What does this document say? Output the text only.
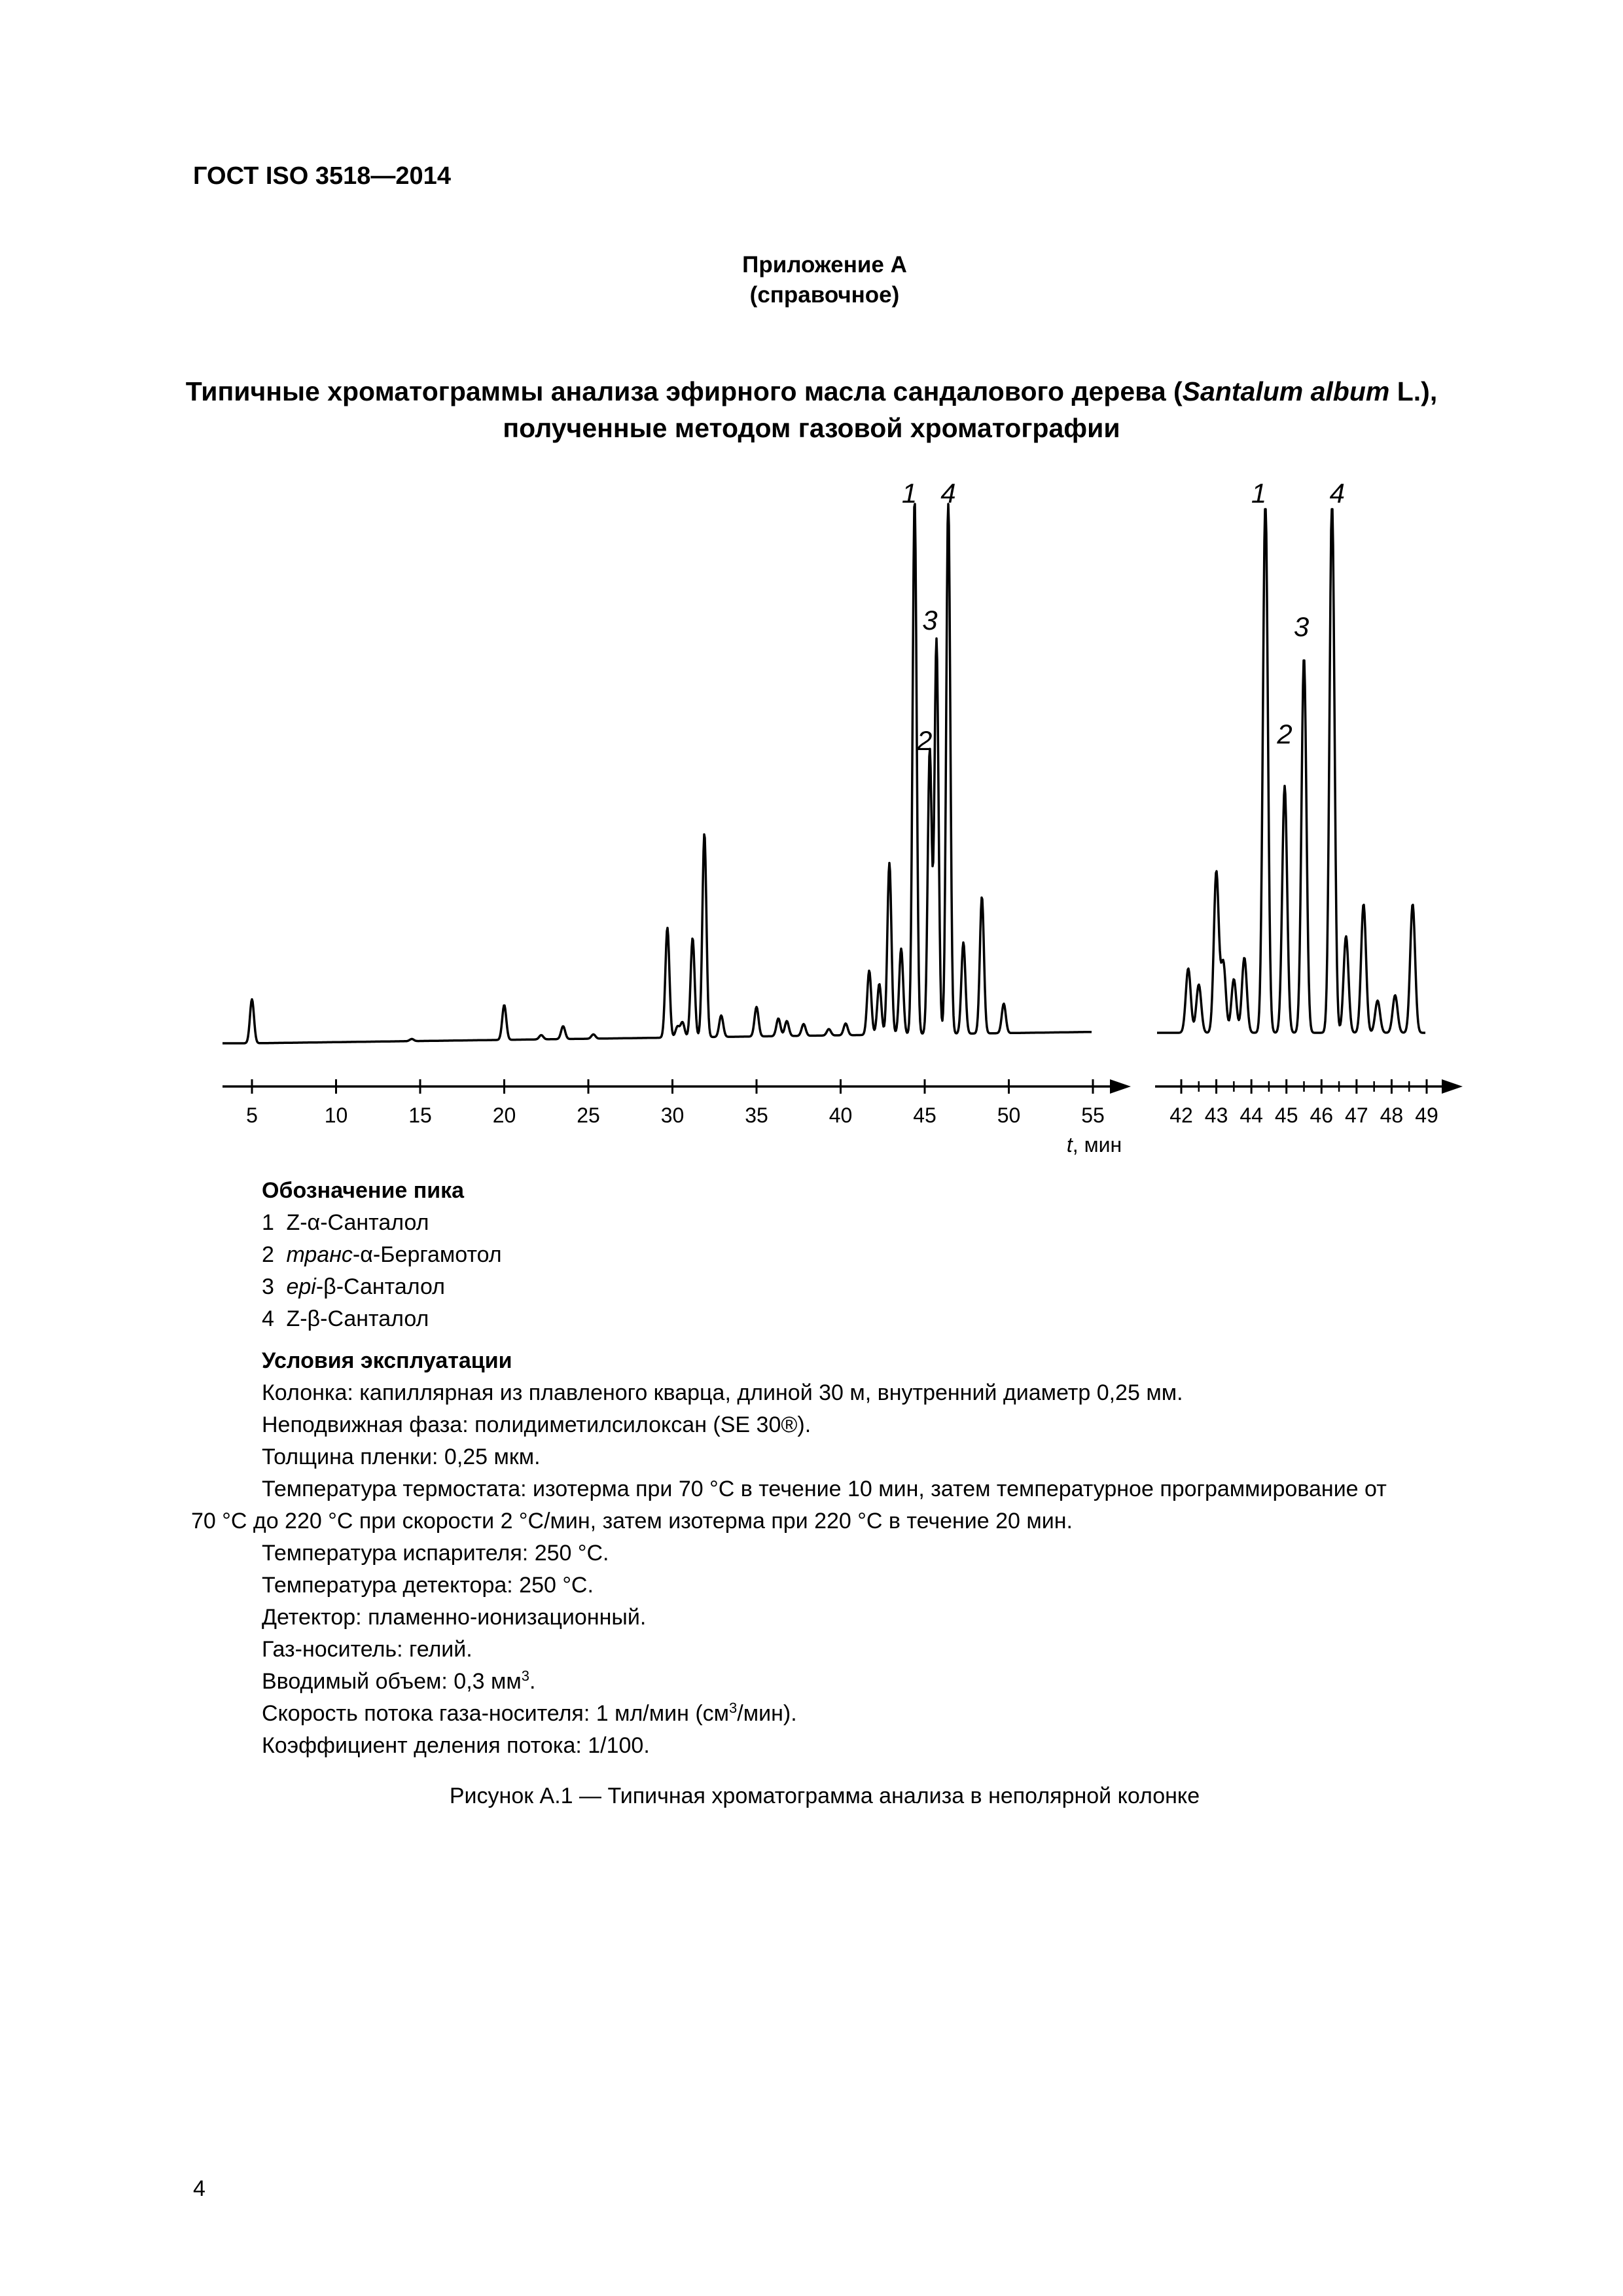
ГОСТ ISO 3518—2014
Приложение А
(справочное)
Типичные хроматограммы анализа эфирного масла сандалового дерева (Santalum album L.),
полученные методом газовой хроматографии
5	10	15	20	25	30	35	40	45	50	55
1
2
3
4
t, мин
42 43 44 45 46 47 48 49
1
2
3
4
Обозначение пика
1 Z-α-Санталол
2 транс-α-Бергамотол
3 epi-β-Санталол
4 Z-β-Санталол
Условия эксплуатации
Колонка: капиллярная из плавленого кварца, длиной 30 м, внутренний диаметр 0,25 мм.
Неподвижная фаза: полидиметилсилоксан (SE 30®).
Толщина пленки: 0,25 мкм.
Температура термостата: изотерма при 70 °С в течение 10 мин, затем температурное программирование от
70 °С до 220 °С при скорости 2 °С/мин, затем изотерма при 220 °С в течение 20 мин.
Температура испарителя: 250 °С.
Температура детектора: 250 °С.
Детектор: пламенно-ионизационный.
Газ-носитель: гелий.
Вводимый объем: 0,3 $мм^3$.
Скорость потока газа-носителя: 1 мл/мин $(см^3/мин)$.
Коэффициент деления потока: 1/100.
Рисунок А.1 — Типичная хроматограмма анализа в неполярной колонке
4
